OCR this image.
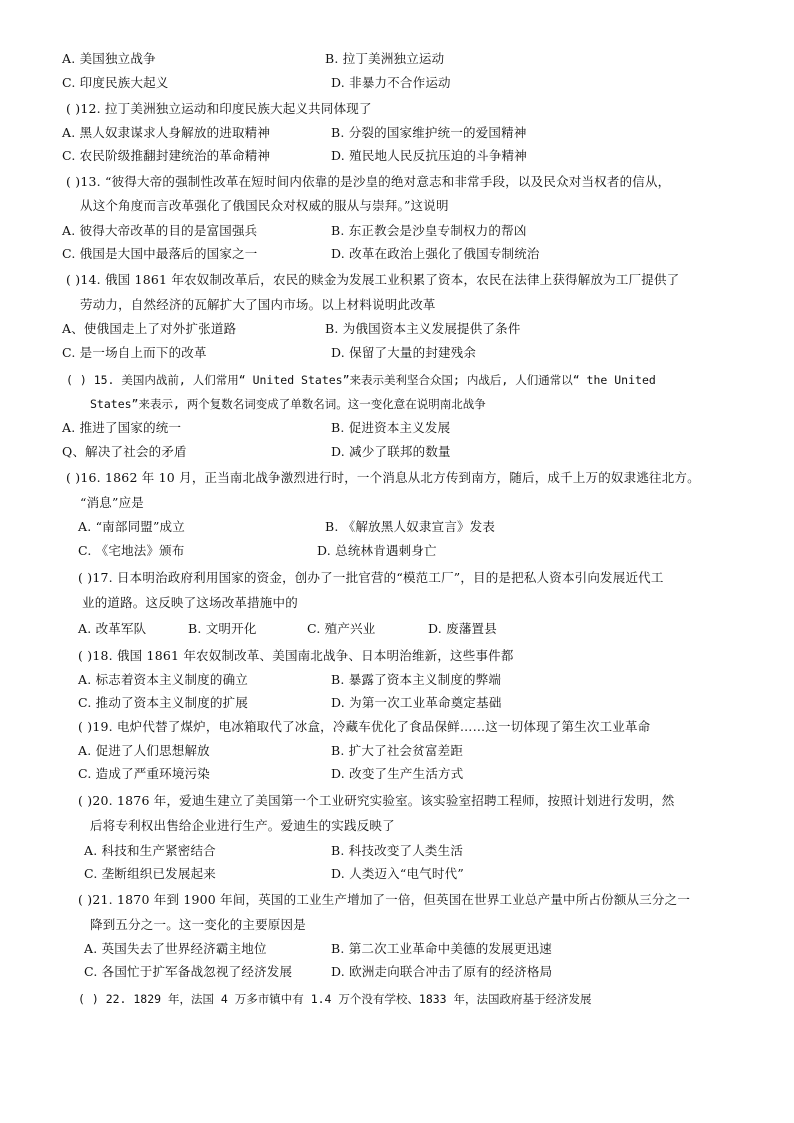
A. 美国独立战争	B. 拉丁美洲独立运动
C. 印度民族大起义	D. 非暴力不合作运动
( )12. 拉丁美洲独立运动和印度民族大起义共同体现了
A. 黑人奴隶谋求人身解放的进取精神	B. 分裂的国家维护统一的爱国精神
C. 农民阶级推翻封建统治的革命精神	D. 殖民地人民反抗压迫的斗争精神
( )13. “彼得大帝的强制性改革在短时间内依靠的是沙皇的绝对意志和非常手段，以及民众对当权者的信从，
从这个角度而言改革强化了俄国民众对权威的服从与崇拜。”这说明
A. 彼得大帝改革的目的是富国强兵	B. 东正教会是沙皇专制权力的帮凶
C. 俄国是大国中最落后的国家之一	D. 改革在政治上强化了俄国专制统治
( )14. 俄国 1861 年农奴制改革后，农民的赎金为发展工业积累了资本，农民在法律上获得解放为工厂提供了
劳动力，自然经济的瓦解扩大了国内市场。以上材料说明此改革
A、使俄国走上了对外扩张道路	B. 为俄国资本主义发展提供了条件
C. 是一场自上而下的改革	D. 保留了大量的封建残余
( ) 15. 美国内战前, 人们常用“ United States”来表示美利坚合众国; 内战后, 人们通常以“ the United
States”来表示, 两个复数名词变成了单数名词。这一变化意在说明南北战争
A. 推进了国家的统一	B. 促进资本主义发展
Q、解决了社会的矛盾	D. 减少了联邦的数量
( )16. 1862 年 10 月，正当南北战争激烈进行时，一个消息从北方传到南方，随后，成千上万的奴隶逃往北方。
“消息”应是
A. “南部同盟”成立	B. 《解放黑人奴隶宣言》发表
C. 《宅地法》颁布	D. 总统林肯遇刺身亡
( )17. 日本明治政府利用国家的资金，创办了一批官营的“模范工厂”，目的是把私人资本引向发展近代工
业的道路。这反映了这场改革措施中的
A. 改革军队	B. 文明开化	C. 殖产兴业	D. 废藩置县
( )18. 俄国 1861 年农奴制改革、美国南北战争、日本明治维新，这些事件都
A. 标志着资本主义制度的确立	B. 暴露了资本主义制度的弊端
C. 推动了资本主义制度的扩展	D. 为第一次工业革命奠定基础
( )19. 电炉代替了煤炉，电冰箱取代了冰盒，冷藏车优化了食品保鲜……这一切体现了第生次工业革命
A. 促进了人们思想解放	B. 扩大了社会贫富差距
C. 造成了严重环境污染	D. 改变了生产生活方式
( )20. 1876 年，爱迪生建立了美国第一个工业研究实验室。该实验室招聘工程师，按照计划进行发明，然
后将专利权出售给企业进行生产。爱迪生的实践反映了
A. 科技和生产紧密结合	B. 科技改变了人类生活
C. 垄断组织已发展起来	D. 人类迈入“电气时代”
( )21. 1870 年到 1900 年间，英国的工业生产增加了一倍，但英国在世界工业总产量中所占份额从三分之一
降到五分之一。这一变化的主要原因是
A. 英国失去了世界经济霸主地位	B. 第二次工业革命中美德的发展更迅速
C. 各国忙于扩军备战忽视了经济发展	D. 欧洲走向联合冲击了原有的经济格局
( ) 22. 1829 年，法国 4 万多市镇中有 1.4 万个没有学校、1833 年，法国政府基于经济发展
